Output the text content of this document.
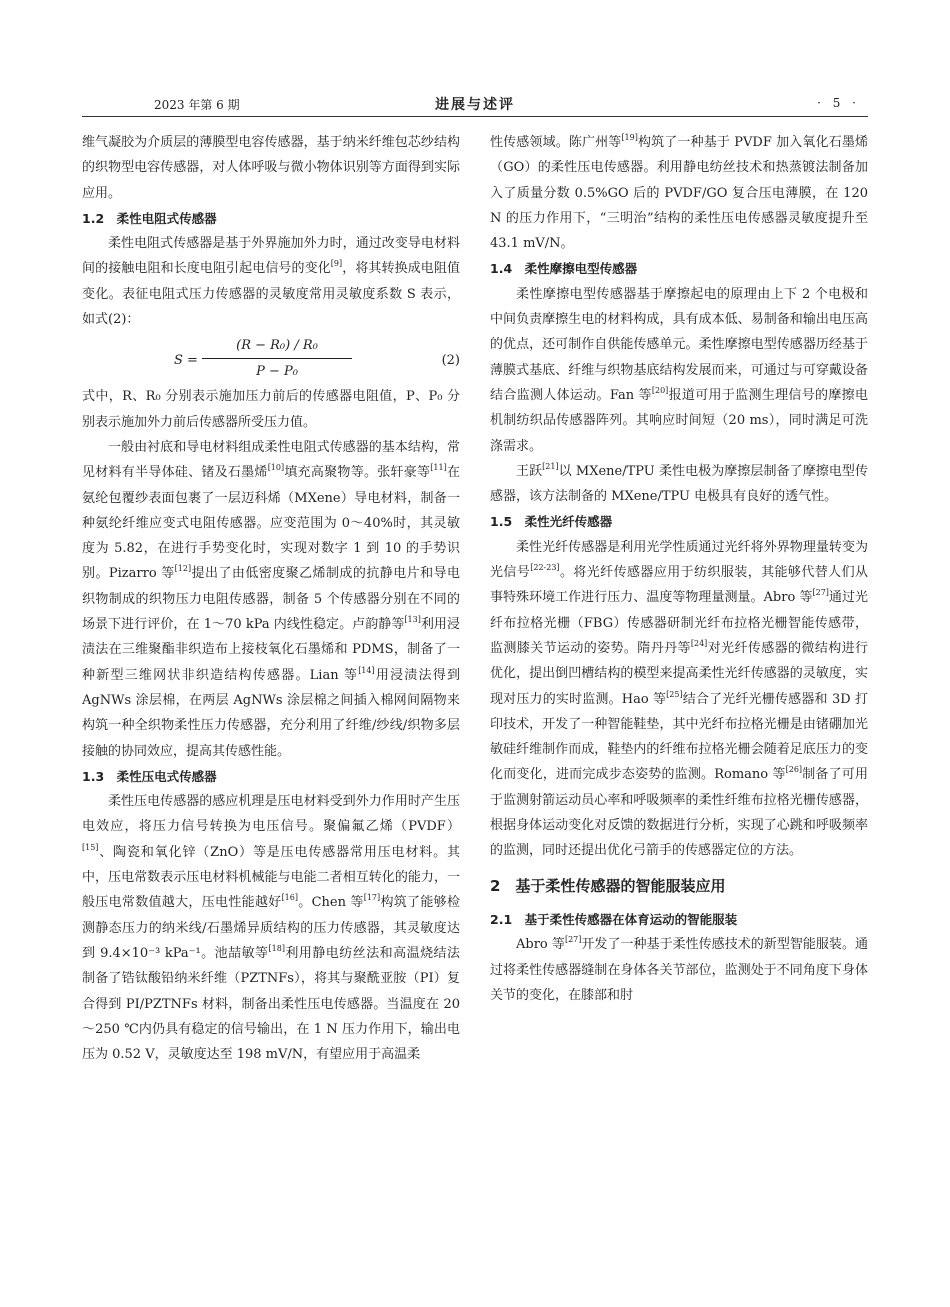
2023 年第 6 期	进展与述评	· 5 ·

维气凝胶为介质层的薄膜型电容传感器，基于纳米纤维包芯纱结构的织物型电容传感器，对人体呼吸与微小物体识别等方面得到实际应用。

1.2　柔性电阻式传感器

柔性电阻式传感器是基于外界施加外力时，通过改变导电材料间的接触电阻和长度电阻引起电信号的变化[9]，将其转换成电阻值变化。表征电阻式压力传感器的灵敏度常用灵敏度系数 S 表示，如式(2)：

$S = \frac{\text{(R − R₀) / R₀}}{\text{P − P₀}}$	(2)

式中，R、R₀ 分别表示施加压力前后的传感器电阻值，P、P₀ 分别表示施加外力前后传感器所受压力值。

一般由衬底和导电材料组成柔性电阻式传感器的基本结构，常见材料有半导体硅、锗及石墨烯[10]填充高聚物等。张轩豪等[11]在氨纶包覆纱表面包裹了一层迈科烯（MXene）导电材料，制备一种氨纶纤维应变式电阻传感器。应变范围为 0～40%时，其灵敏度为 5.82，在进行手势变化时，实现对数字 1 到 10 的手势识别。Pizarro 等[12]提出了由低密度聚乙烯制成的抗静电片和导电织物制成的织物压力电阻传感器，制备 5 个传感器分别在不同的场景下进行评价，在 1～70 kPa 内线性稳定。卢韵静等[13]利用浸渍法在三维聚酯非织造布上接枝氧化石墨烯和 PDMS，制备了一种新型三维网状非织造结构传感器。Lian 等[14]用浸渍法得到 AgNWs 涂层棉，在两层 AgNWs 涂层棉之间插入棉网间隔物来构筑一种全织物柔性压力传感器，充分利用了纤维/纱线/织物多层接触的协同效应，提高其传感性能。

1.3　柔性压电式传感器

柔性压电传感器的感应机理是压电材料受到外力作用时产生压电效应，将压力信号转换为电压信号。聚偏氟乙烯（PVDF）[15]、陶瓷和氧化锌（ZnO）等是压电传感器常用压电材料。其中，压电常数表示压电材料机械能与电能二者相互转化的能力，一般压电常数值越大，压电性能越好[16]。Chen 等[17]构筑了能够检测静态压力的纳米线/石墨烯异质结构的压力传感器，其灵敏度达到 9.4×10⁻³ kPa⁻¹。池喆敏等[18]利用静电纺丝法和高温烧结法制备了锆钛酸铅纳米纤维（PZTNFs），将其与聚酰亚胺（PI）复合得到 PI/PZTNFs 材料，制备出柔性压电传感器。当温度在 20～250 ℃内仍具有稳定的信号输出，在 1 N 压力作用下，输出电压为 0.52 V，灵敏度达至 198 mV/N，有望应用于高温柔

性传感领域。陈广州等[19]构筑了一种基于 PVDF 加入氧化石墨烯（GO）的柔性压电传感器。利用静电纺丝技术和热蒸镀法制备加入了质量分数 0.5%GO 后的 PVDF/GO 复合压电薄膜，在 120 N 的压力作用下，“三明治”结构的柔性压电传感器灵敏度提升至 43.1 mV/N。

1.4　柔性摩擦电型传感器

柔性摩擦电型传感器基于摩擦起电的原理由上下 2 个电极和中间负责摩擦生电的材料构成，具有成本低、易制备和输出电压高的优点，还可制作自供能传感单元。柔性摩擦电型传感器历经基于薄膜式基底、纤维与织物基底结构发展而来，可通过与可穿戴设备结合监测人体运动。Fan 等[20]报道可用于监测生理信号的摩擦电机制纺织品传感器阵列。其响应时间短（20 ms），同时满足可洗涤需求。

王跃[21]以 MXene/TPU 柔性电极为摩擦层制备了摩擦电型传感器，该方法制备的 MXene/TPU 电极具有良好的透气性。

1.5　柔性光纤传感器

柔性光纤传感器是利用光学性质通过光纤将外界物理量转变为光信号[22-23]。将光纤传感器应用于纺织服装，其能够代替人们从事特殊环境工作进行压力、温度等物理量测量。Abro 等[27]通过光纤布拉格光栅（FBG）传感器研制光纤布拉格光栅智能传感带，监测膝关节运动的姿势。隋丹丹等[24]对光纤传感器的微结构进行优化，提出倒凹槽结构的模型来提高柔性光纤传感器的灵敏度，实现对压力的实时监测。Hao 等[25]结合了光纤光栅传感器和 3D 打印技术，开发了一种智能鞋垫，其中光纤布拉格光栅是由锗硼加光敏硅纤维制作而成，鞋垫内的纤维布拉格光栅会随着足底压力的变化而变化，进而完成步态姿势的监测。Romano 等[26]制备了可用于监测射箭运动员心率和呼吸频率的柔性纤维布拉格光栅传感器，根据身体运动变化对反馈的数据进行分析，实现了心跳和呼吸频率的监测，同时还提出优化弓箭手的传感器定位的方法。

2　基于柔性传感器的智能服装应用

2.1　基于柔性传感器在体育运动的智能服装

Abro 等[27]开发了一种基于柔性传感技术的新型智能服装。通过将柔性传感器缝制在身体各关节部位，监测处于不同角度下身体关节的变化，在膝部和肘
